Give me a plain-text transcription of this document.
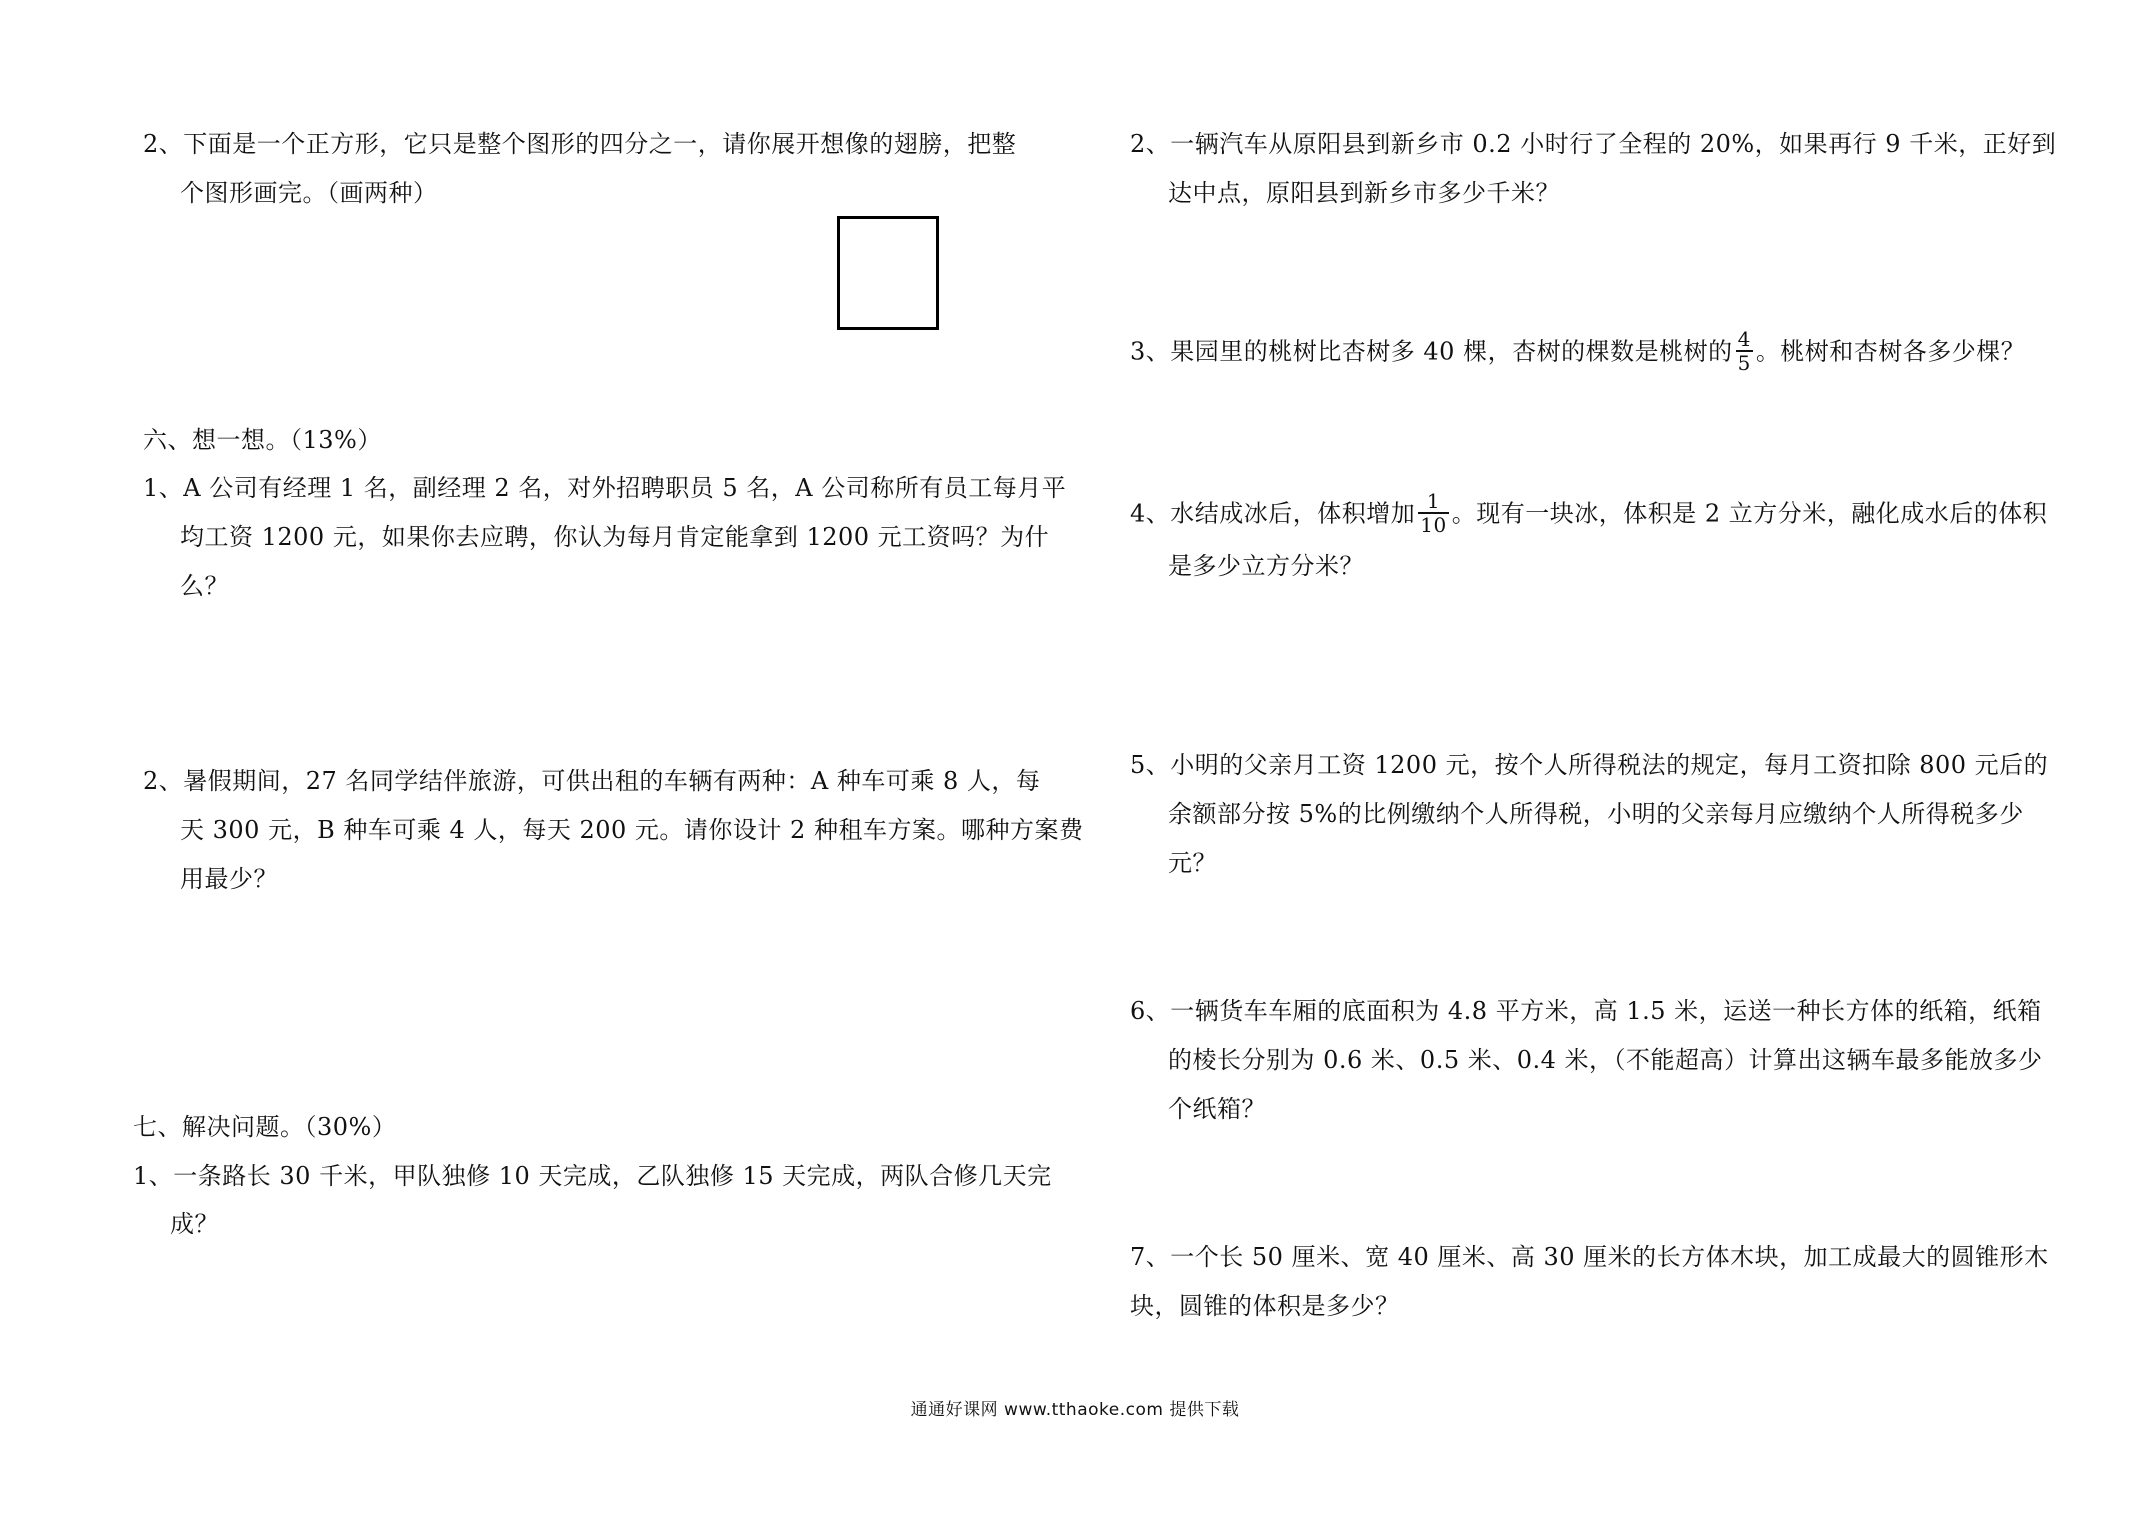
2、下面是一个正方形，它只是整个图形的四分之一，请你展开想像的翅膀，把整
个图形画完。（画两种）
六、想一想。（13%）
1、A 公司有经理 1 名，副经理 2 名，对外招聘职员 5 名，A 公司称所有员工每月平
均工资 1200 元，如果你去应聘，你认为每月肯定能拿到 1200 元工资吗？为什
么？
2、暑假期间，27 名同学结伴旅游，可供出租的车辆有两种：A 种车可乘 8 人，每
天 300 元，B 种车可乘 4 人，每天 200 元。请你设计 2 种租车方案。哪种方案费
用最少？
七、解决问题。（30%）
1、一条路长 30 千米，甲队独修 10 天完成，乙队独修 15 天完成，两队合修几天完
成？
2、一辆汽车从原阳县到新乡市 0.2 小时行了全程的 20%，如果再行 9 千米，正好到
达中点，原阳县到新乡市多少千米？
3、果园里的桃树比杏树多 40 棵，杏树的棵数是桃树的 $\frac{4}{5}$ 。桃树和杏树各多少棵？
4、水结成冰后，体积增加 $\frac{1}{10}$ 。现有一块冰，体积是 2 立方分米，融化成水后的体积
是多少立方分米？
5、小明的父亲月工资 1200 元，按个人所得税法的规定，每月工资扣除 800 元后的
余额部分按 5%的比例缴纳个人所得税，小明的父亲每月应缴纳个人所得税多少
元？
6、一辆货车车厢的底面积为 4.8 平方米，高 1.5 米，运送一种长方体的纸箱，纸箱
的棱长分别为 0.6 米、0.5 米、0.4 米，（不能超高）计算出这辆车最多能放多少
个纸箱？
7、一个长 50 厘米、宽 40 厘米、高 30 厘米的长方体木块，加工成最大的圆锥形木
块，圆锥的体积是多少？
通通好课网 www.tthaoke.com 提供下载
